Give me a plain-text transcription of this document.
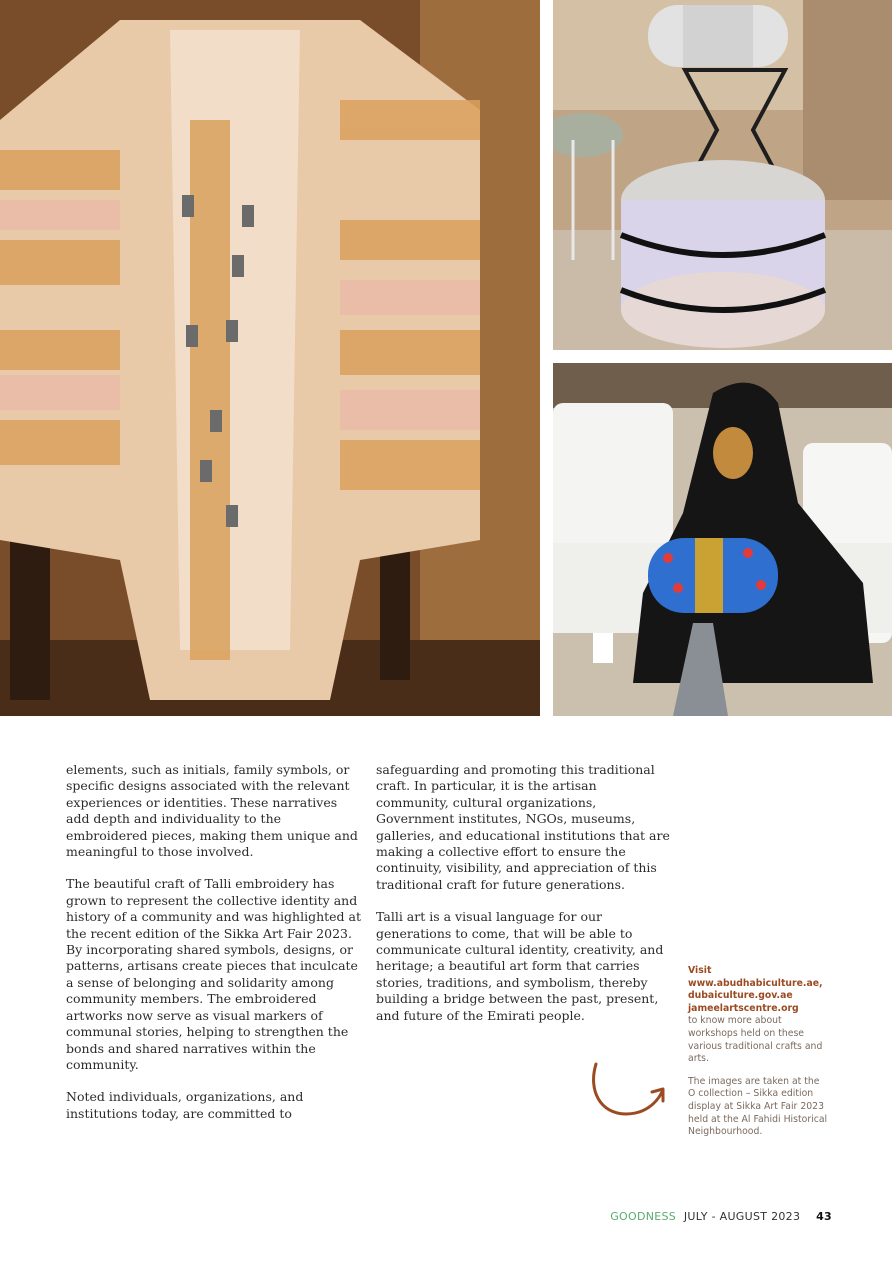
elements, such as initials, family symbols, or specific designs associated with the relevant experiences or identities. These narratives add depth and individuality to the embroidered pieces, making them unique and meaningful to those involved.

The beautiful craft of Talli embroidery has grown to represent the collective identity and history of a community and was highlighted at the recent edition of the Sikka Art Fair 2023. By incorporating shared symbols, designs, or patterns, artisans create pieces that inculcate a sense of belonging and solidarity among community members. The embroidered artworks now serve as visual markers of communal stories, helping to strengthen the bonds and shared narratives within the community.

Noted individuals, organizations, and institutions today, are committed to

safeguarding and promoting this traditional craft. In particular, it is the artisan community, cultural organizations, Government institutes, NGOs, museums, galleries, and educational institutions that are making a collective effort to ensure the continuity, visibility, and appreciation of this traditional craft for future generations.

Talli art is a visual language for our generations to come, that will be able to communicate cultural identity, creativity, and heritage; a beautiful art form that carries stories, traditions, and symbolism, thereby building a bridge between the past, present, and future of the Emirati people.

Visit
www.abudhabiculture.ae,
dubaiculture.gov.ae
jameelartscentre.org
to know more about workshops held on these various traditional crafts and arts.
The images are taken at the O collection – Sikka edition display at Sikka Art Fair 2023 held at the Al Fahidi Historical Neighbourhood.
GOODNESS JULY - AUGUST 2023 43
